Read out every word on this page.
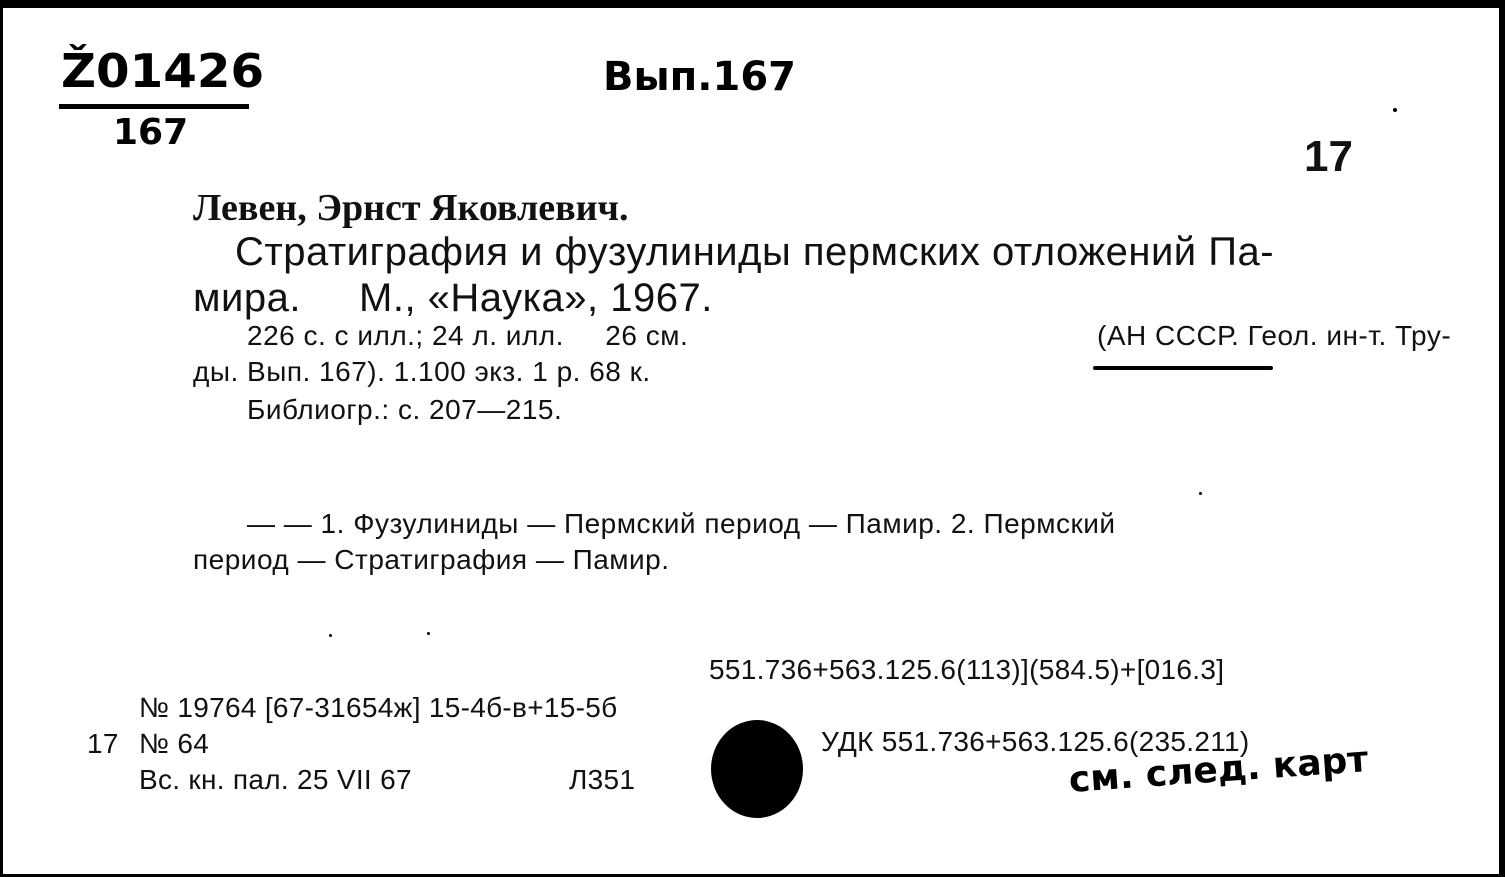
Ž01426
167
Вып.167
17
Левен, Эрнст Яковлевич.
Стратиграфия и фузулиниды пермских отложений Па-
мира.     М., «Наука», 1967.
226 с. с илл.; 24 л. илл.     26 см.	(АН СССР. Геол. ин-т. Тру-
ды. Вып. 167). 1.100 экз. 1 р. 68 к.
Библиогр.: с. 207—215.
— — 1. Фузулиниды — Пермский период — Памир. 2. Пермский
период — Стратиграфия — Памир.
551.736+563.125.6(113)](584.5)+[016.3]
№ 19764 [67-31654ж] 15-4б-в+15-5б
17 № 64
Вс. кн. пал. 25 VII 67	Л351
УДК 551.736+563.125.6(235.211)
см. след. карт
